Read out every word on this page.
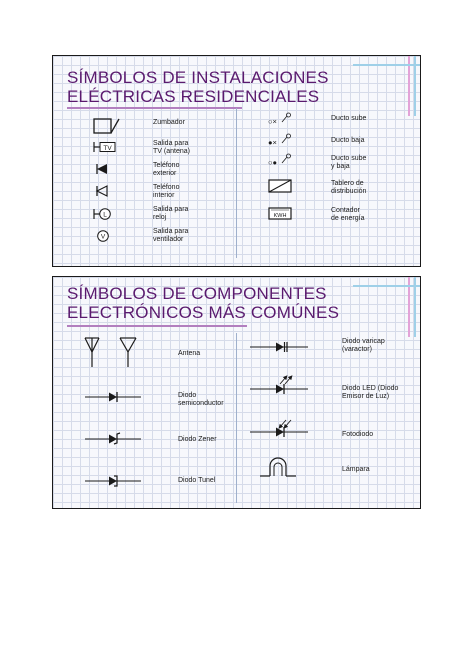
SÍMBOLOS DE INSTALACIONES
ELÉCTRICAS RESIDENCIALES
Zumbador
TV
Salida para
TV (antena)
Teléfono
exterior
Teléfono
interior
L
Salida para
reloj
V
Salida para
ventilador
○×	Ducto sube
●×	Ducto baja
○●	Ducto sube
y baja
Tablero de
distribución
KWH
Contador
de energía
SÍMBOLOS DE COMPONENTES
ELECTRÓNICOS MÁS COMÚNES
Antena
Diodo
semiconductor
Diodo Zener
Diodo Tunel
Diodo varicap
(varactor)
Diodo LED (Diodo
Emisor de Luz)
Fotodiodo
Lámpara
